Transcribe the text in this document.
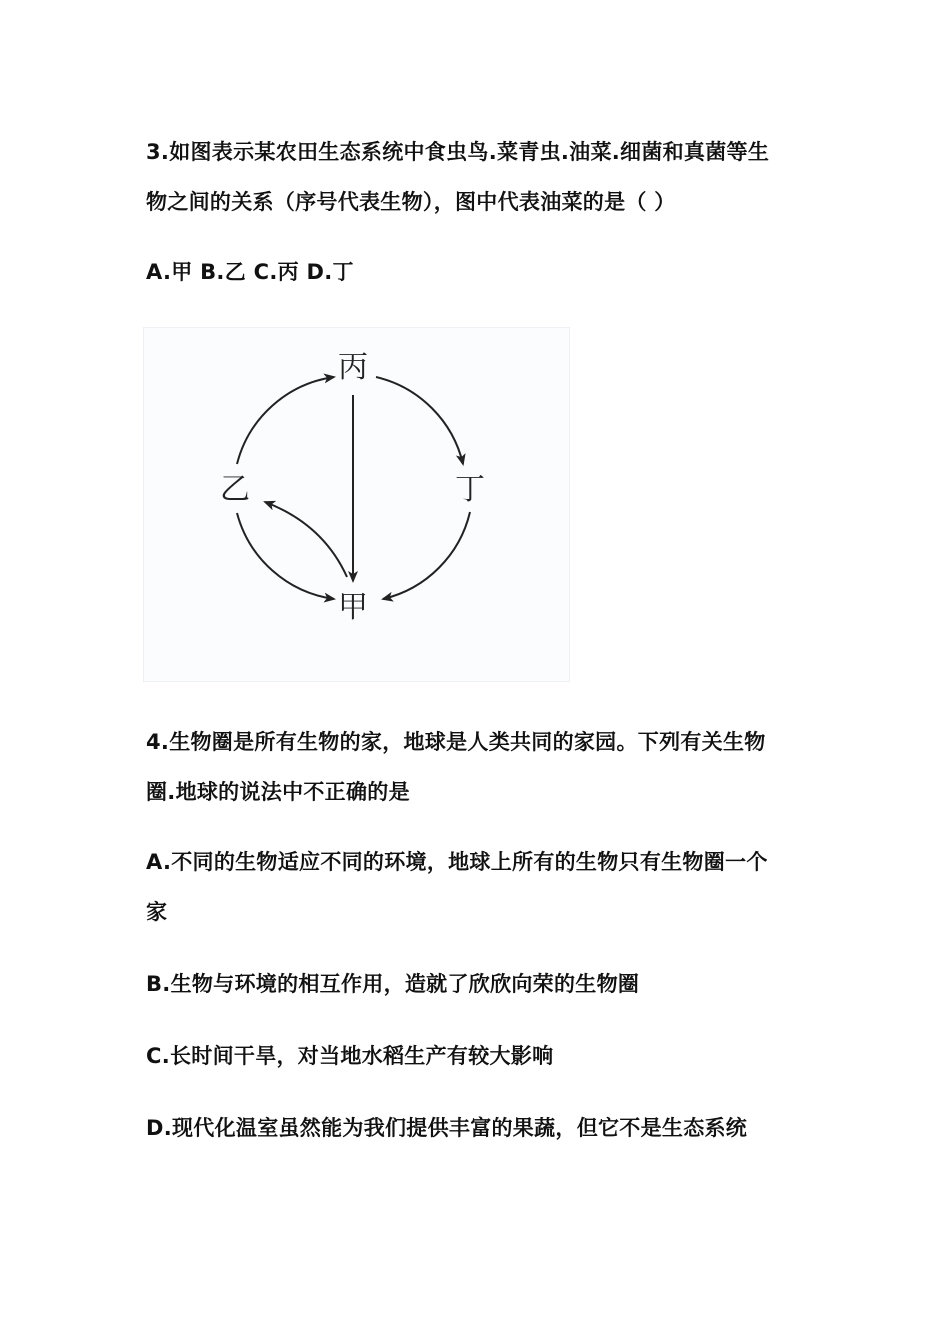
3.如图表示某农田生态系统中食虫鸟.菜青虫.油菜.细菌和真菌等生
物之间的关系（序号代表生物），图中代表油菜的是（ ）
A.甲 B.乙 C.丙 D.丁
丙
丁
甲
乙
4.生物圈是所有生物的家，地球是人类共同的家园。下列有关生物
圈.地球的说法中不正确的是
A.不同的生物适应不同的环境，地球上所有的生物只有生物圈一个
家
B.生物与环境的相互作用，造就了欣欣向荣的生物圈
C.长时间干旱，对当地水稻生产有较大影响
D.现代化温室虽然能为我们提供丰富的果蔬，但它不是生态系统
